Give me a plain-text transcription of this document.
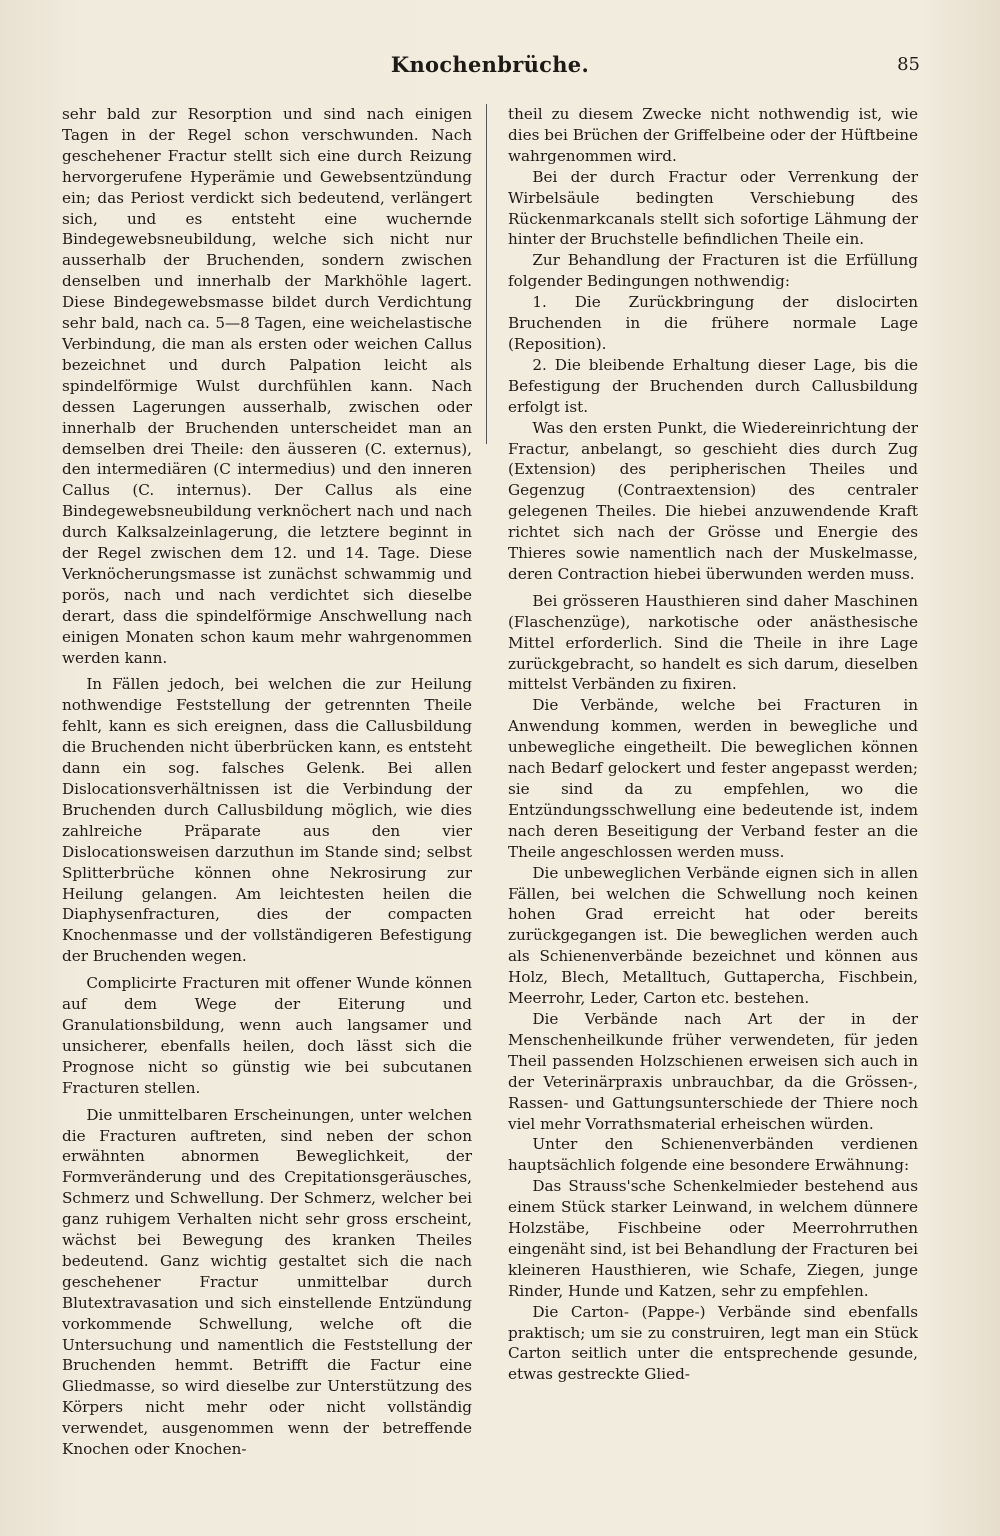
Knochenbrüche.	85

sehr bald zur Resorption und sind nach einigen Tagen in der Regel schon verschwunden. Nach geschehener Fractur stellt sich eine durch Reizung hervorgerufene Hyperämie und Gewebsentzündung ein; das Periost verdickt sich bedeutend, verlängert sich, und es entsteht eine wuchernde Bindegewebsneubildung, welche sich nicht nur ausserhalb der Bruchenden, sondern zwischen denselben und innerhalb der Markhöhle lagert. Diese Bindegewebsmasse bildet durch Verdichtung sehr bald, nach ca. 5—8 Tagen, eine weichelastische Verbindung, die man als ersten oder weichen Callus bezeichnet und durch Palpation leicht als spindelförmige Wulst durchfühlen kann. Nach dessen Lagerungen ausserhalb, zwischen oder innerhalb der Bruchenden unterscheidet man an demselben drei Theile: den äusseren (C. externus), den intermediären (C intermedius) und den inneren Callus (C. internus). Der Callus als eine Bindegewebsneubildung verknöchert nach und nach durch Kalksalzeinlagerung, die letztere beginnt in der Regel zwischen dem 12. und 14. Tage. Diese Verknöcherungsmasse ist zunächst schwammig und porös, nach und nach verdichtet sich dieselbe derart, dass die spindelförmige Anschwellung nach einigen Monaten schon kaum mehr wahrgenommen werden kann.

In Fällen jedoch, bei welchen die zur Heilung nothwendige Feststellung der getrennten Theile fehlt, kann es sich ereignen, dass die Callusbildung die Bruchenden nicht überbrücken kann, es entsteht dann ein sog. falsches Gelenk. Bei allen Dislocationsverhältnissen ist die Verbindung der Bruchenden durch Callusbildung möglich, wie dies zahlreiche Präparate aus den vier Dislocationsweisen darzuthun im Stande sind; selbst Splitterbrüche können ohne Nekrosirung zur Heilung gelangen. Am leichtesten heilen die Diaphysenfracturen, dies der compacten Knochenmasse und der vollständigeren Befestigung der Bruchenden wegen.

Complicirte Fracturen mit offener Wunde können auf dem Wege der Eiterung und Granulationsbildung, wenn auch langsamer und unsicherer, ebenfalls heilen, doch lässt sich die Prognose nicht so günstig wie bei subcutanen Fracturen stellen.

Die unmittelbaren Erscheinungen, unter welchen die Fracturen auftreten, sind neben der schon erwähnten abnormen Beweglichkeit, der Formveränderung und des Crepitationsgeräusches, Schmerz und Schwellung. Der Schmerz, welcher bei ganz ruhigem Verhalten nicht sehr gross erscheint, wächst bei Bewegung des kranken Theiles bedeutend. Ganz wichtig gestaltet sich die nach geschehener Fractur unmittelbar durch Blutextravasation und sich einstellende Entzündung vorkommende Schwellung, welche oft die Untersuchung und namentlich die Feststellung der Bruchenden hemmt. Betrifft die Factur eine Gliedmasse, so wird dieselbe zur Unterstützung des Körpers nicht mehr oder nicht vollständig verwendet, ausgenommen wenn der betreffende Knochen oder Knochen-

theil zu diesem Zwecke nicht nothwendig ist, wie dies bei Brüchen der Griffelbeine oder der Hüftbeine wahrgenommen wird.

Bei der durch Fractur oder Verrenkung der Wirbelsäule bedingten Verschiebung des Rückenmarkcanals stellt sich sofortige Lähmung der hinter der Bruchstelle befindlichen Theile ein.

Zur Behandlung der Fracturen ist die Erfüllung folgender Bedingungen nothwendig:

1. Die Zurückbringung der dislocirten Bruchenden in die frühere normale Lage (Reposition).

2. Die bleibende Erhaltung dieser Lage, bis die Befestigung der Bruchenden durch Callusbildung erfolgt ist.

Was den ersten Punkt, die Wiedereinrichtung der Fractur, anbelangt, so geschieht dies durch Zug (Extension) des peripherischen Theiles und Gegenzug (Contraextension) des centraler gelegenen Theiles. Die hiebei anzuwendende Kraft richtet sich nach der Grösse und Energie des Thieres sowie namentlich nach der Muskelmasse, deren Contraction hiebei überwunden werden muss.

Bei grösseren Hausthieren sind daher Maschinen (Flaschenzüge), narkotische oder anästhesische Mittel erforderlich. Sind die Theile in ihre Lage zurückgebracht, so handelt es sich darum, dieselben mittelst Verbänden zu fixiren.

Die Verbände, welche bei Fracturen in Anwendung kommen, werden in bewegliche und unbewegliche eingetheilt. Die beweglichen können nach Bedarf gelockert und fester angepasst werden; sie sind da zu empfehlen, wo die Entzündungsschwellung eine bedeutende ist, indem nach deren Beseitigung der Verband fester an die Theile angeschlossen werden muss.

Die unbeweglichen Verbände eignen sich in allen Fällen, bei welchen die Schwellung noch keinen hohen Grad erreicht hat oder bereits zurückgegangen ist. Die beweglichen werden auch als Schienenverbände bezeichnet und können aus Holz, Blech, Metalltuch, Guttapercha, Fischbein, Meerrohr, Leder, Carton etc. bestehen.

Die Verbände nach Art der in der Menschenheilkunde früher verwendeten, für jeden Theil passenden Holzschienen erweisen sich auch in der Veterinärpraxis unbrauchbar, da die Grössen-, Rassen- und Gattungsunterschiede der Thiere noch viel mehr Vorrathsmaterial erheischen würden.

Unter den Schienenverbänden verdienen hauptsächlich folgende eine besondere Erwähnung:

Das Strauss'sche Schenkelmieder bestehend aus einem Stück starker Leinwand, in welchem dünnere Holzstäbe, Fischbeine oder Meerrohrruthen eingenäht sind, ist bei Behandlung der Fracturen bei kleineren Hausthieren, wie Schafe, Ziegen, junge Rinder, Hunde und Katzen, sehr zu empfehlen.

Die Carton- (Pappe-) Verbände sind ebenfalls praktisch; um sie zu construiren, legt man ein Stück Carton seitlich unter die entsprechende gesunde, etwas gestreckte Glied-
